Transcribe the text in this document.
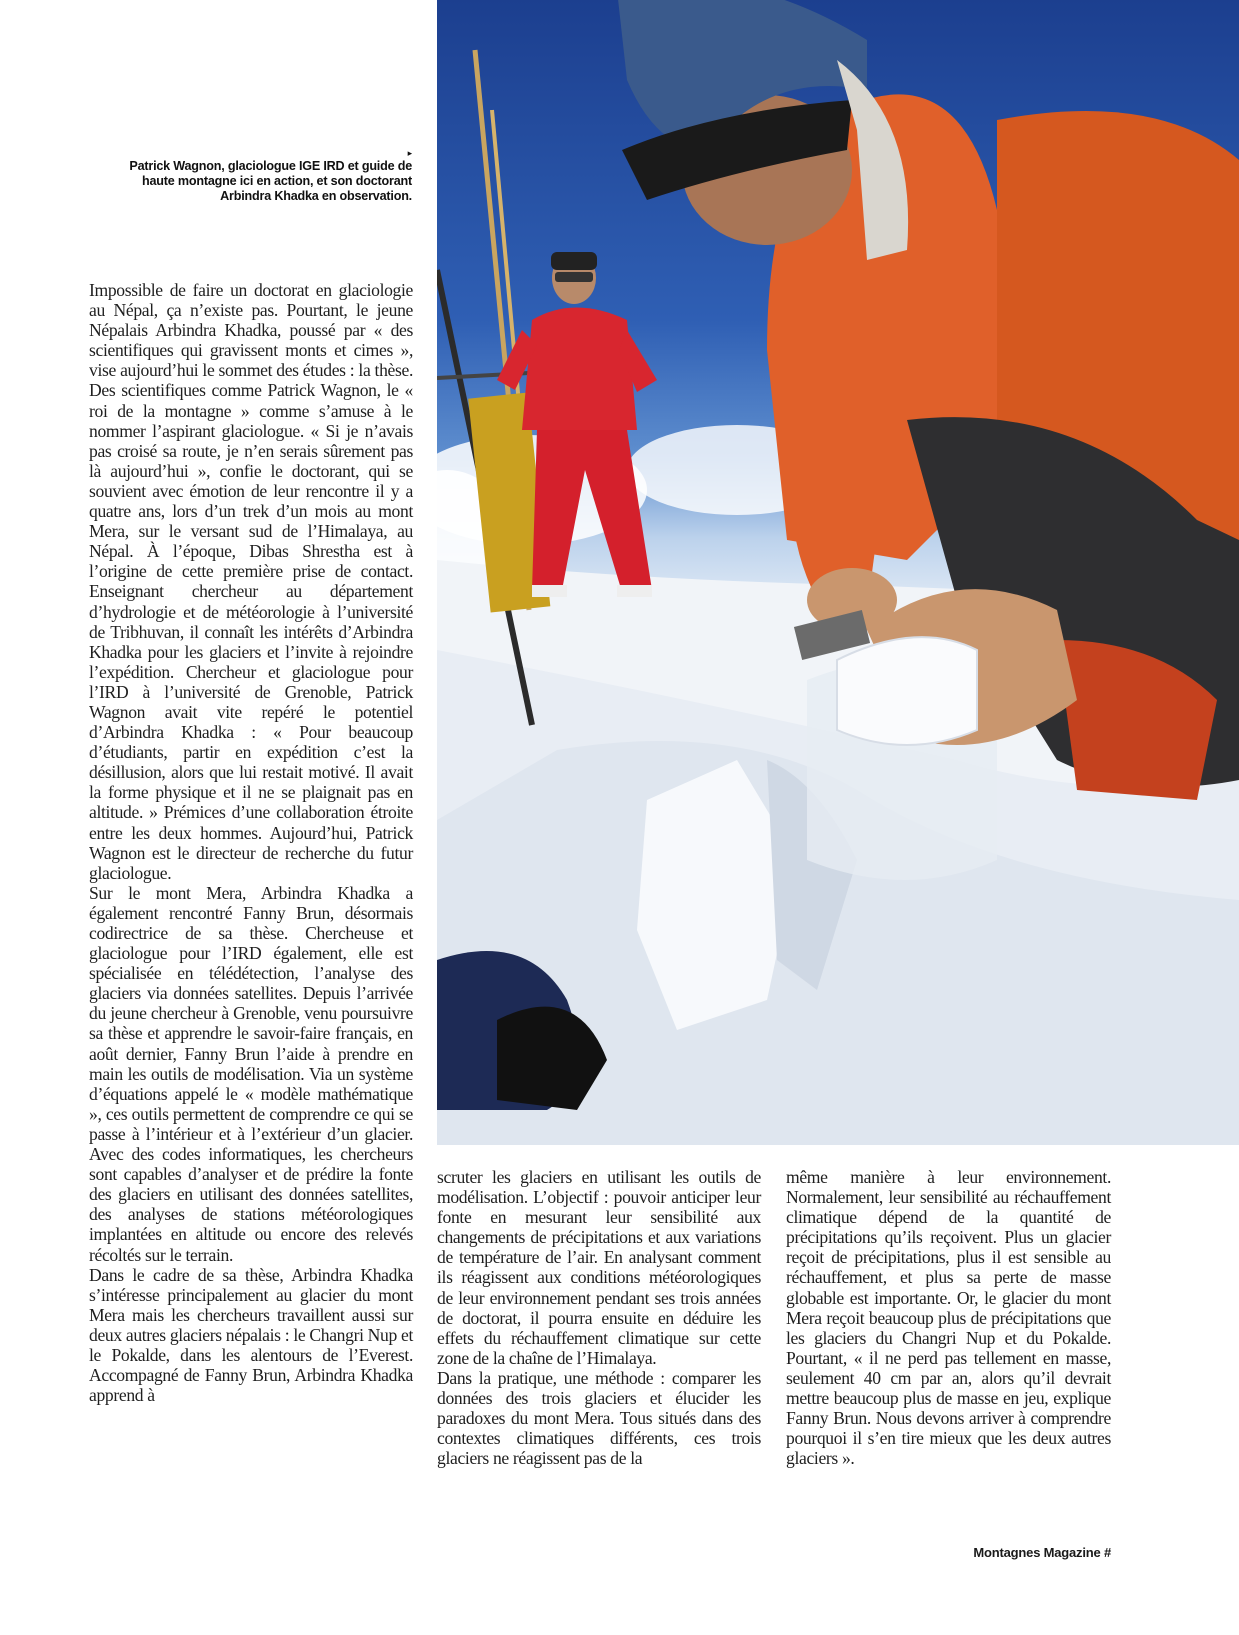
▸
Patrick Wagnon, glaciologue IGE IRD et guide de haute montagne ici en action, et son doctorant Arbindra Khadka en observation.

Impossible de faire un doctorat en glaciologie au Népal, ça n’existe pas. Pourtant, le jeune Népalais Arbindra Khadka, poussé par « des scientifiques qui gravissent monts et cimes », vise aujourd’hui le sommet des études : la thèse. Des scientifiques comme Patrick Wagnon, le « roi de la montagne » comme s’amuse à le nommer l’aspirant glaciologue. « Si je n’avais pas croisé sa route, je n’en serais sûrement pas là aujourd’hui », confie le doctorant, qui se souvient avec émotion de leur rencontre il y a quatre ans, lors d’un trek d’un mois au mont Mera, sur le versant sud de l’Himalaya, au Népal. À l’époque, Dibas Shrestha est à l’origine de cette première prise de contact. Enseignant chercheur au département d’hydrologie et de météorologie à l’université de Tribhuvan, il connaît les intérêts d’Arbindra Khadka pour les glaciers et l’invite à rejoindre l’expédition. Chercheur et glaciologue pour l’IRD à l’université de Grenoble, Patrick Wagnon avait vite repéré le potentiel d’Arbindra Khadka : « Pour beaucoup d’étudiants, partir en expédition c’est la désillusion, alors que lui restait motivé. Il avait la forme physique et il ne se plaignait pas en altitude. » Prémices d’une collaboration étroite entre les deux hommes. Aujourd’hui, Patrick Wagnon est le directeur de recherche du futur glaciologue.

Sur le mont Mera, Arbindra Khadka a également rencontré Fanny Brun, désormais codirectrice de sa thèse. Chercheuse et glaciologue pour l’IRD également, elle est spécialisée en télédétection, l’analyse des glaciers via données satellites. Depuis l’arrivée du jeune chercheur à Grenoble, venu poursuivre sa thèse et apprendre le savoir-faire français, en août dernier, Fanny Brun l’aide à prendre en main les outils de modélisation. Via un système d’équations appelé le « modèle mathématique », ces outils permettent de comprendre ce qui se passe à l’intérieur et à l’extérieur d’un glacier. Avec des codes informatiques, les chercheurs sont capables d’analyser et de prédire la fonte des glaciers en utilisant des données satellites, des analyses de stations météorologiques implantées en altitude ou encore des relevés récoltés sur le terrain.

Dans le cadre de sa thèse, Arbindra Khadka s’intéresse principalement au glacier du mont Mera mais les chercheurs travaillent aussi sur deux autres glaciers népalais : le Changri Nup et le Pokalde, dans les alentours de l’Everest. Accompagné de Fanny Brun, Arbindra Khadka apprend à

scruter les glaciers en utilisant les outils de modélisation. L’objectif : pouvoir anticiper leur fonte en mesurant leur sensibilité aux changements de précipitations et aux variations de température de l’air. En analysant comment ils réagissent aux conditions météorologiques de leur environnement pendant ses trois années de doctorat, il pourra ensuite en déduire les effets du réchauffement climatique sur cette zone de la chaîne de l’Himalaya.

Dans la pratique, une méthode : comparer les données des trois glaciers et élucider les paradoxes du mont Mera. Tous situés dans des contextes climatiques différents, ces trois glaciers ne réagissent pas de la

même manière à leur environnement. Normalement, leur sensibilité au réchauffement climatique dépend de la quantité de précipitations qu’ils reçoivent. Plus un glacier reçoit de précipitations, plus il est sensible au réchauffement, et plus sa perte de masse globable est importante. Or, le glacier du mont Mera reçoit beaucoup plus de précipitations que les glaciers du Changri Nup et du Pokalde. Pourtant, « il ne perd pas tellement en masse, seulement 40 cm par an, alors qu’il devrait mettre beaucoup plus de masse en jeu, explique Fanny Brun. Nous devons arriver à comprendre pourquoi il s’en tire mieux que les deux autres glaciers ».

Montagnes Magazine #
